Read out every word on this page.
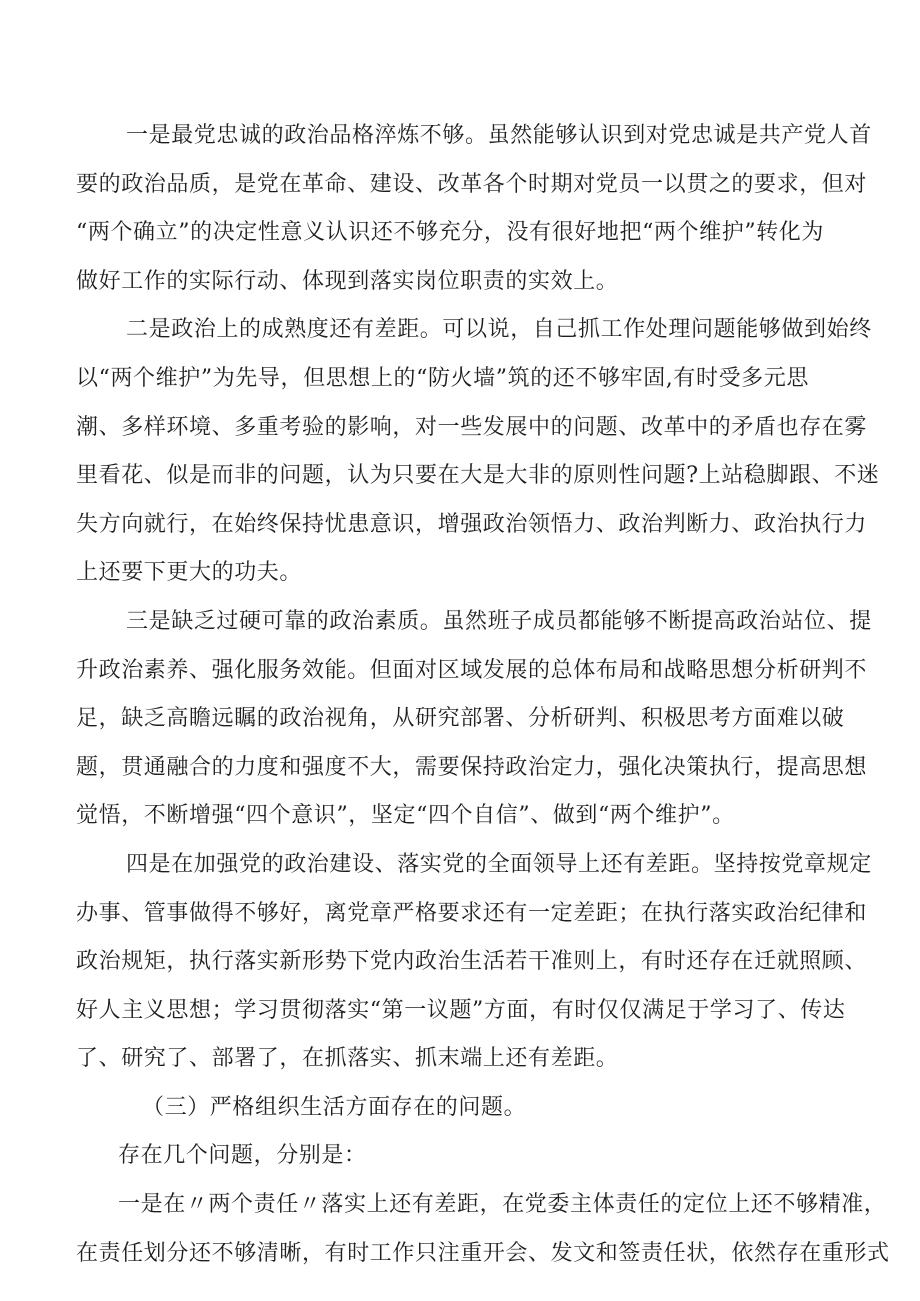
一是最党忠诚的政治品格淬炼不够。虽然能够认识到对党忠诚是共产党人首
要的政治品质，是党在革命、建设、改革各个时期对党员一以贯之的要求，但对
“两个确立”的决定性意义认识还不够充分，没有很好地把“两个维护”转化为
做好工作的实际行动、体现到落实岗位职责的实效上。
二是政治上的成熟度还有差距。可以说，自己抓工作处理问题能够做到始终
以“两个维护”为先导，但思想上的“防火墙”筑的还不够牢固,有时受多元思
潮、多样环境、多重考验的影响，对一些发展中的问题、改革中的矛盾也存在雾
里看花、似是而非的问题，认为只要在大是大非的原则性问题?上站稳脚跟、不迷
失方向就行，在始终保持忧患意识，增强政治领悟力、政治判断力、政治执行力
上还要下更大的功夫。
三是缺乏过硬可靠的政治素质。虽然班子成员都能够不断提高政治站位、提
升政治素养、强化服务效能。但面对区域发展的总体布局和战略思想分析研判不
足，缺乏高瞻远瞩的政治视角，从研究部署、分析研判、积极思考方面难以破
题，贯通融合的力度和强度不大，需要保持政治定力，强化决策执行，提高思想
觉悟，不断增强“四个意识”，坚定“四个自信”、做到“两个维护”。
四是在加强党的政治建设、落实党的全面领导上还有差距。坚持按党章规定
办事、管事做得不够好，离党章严格要求还有一定差距；在执行落实政治纪律和
政治规矩，执行落实新形势下党内政治生活若干准则上，有时还存在迁就照顾、
好人主义思想；学习贯彻落实“第一议题”方面，有时仅仅满足于学习了、传达
了、研究了、部署了，在抓落实、抓末端上还有差距。
（三）严格组织生活方面存在的问题。
存在几个问题，分别是：
一是在〃两个责任〃落实上还有差距，在党委主体责任的定位上还不够精准，
在责任划分还不够清晰，有时工作只注重开会、发文和签责任状，依然存在重形式
